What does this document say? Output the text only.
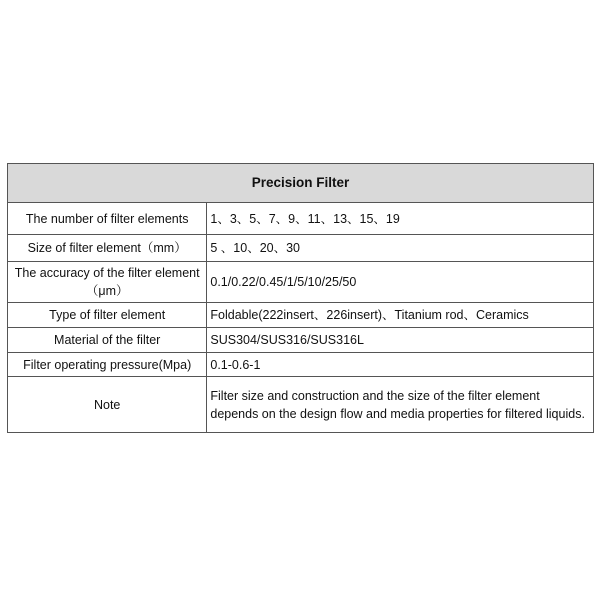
Precision Filter	
The number of filter elements	1、3、5、7、9、11、13、15、19
Size of filter element（mm）	5 、10、20、30
The accuracy of the filter element（μm）	0.1/0.22/0.45/1/5/10/25/50
Type of filter element	Foldable(222insert、226insert)、Titanium rod、Ceramics
Material of the filter	SUS304/SUS316/SUS316L
Filter operating pressure(Mpa)	0.1-0.6-1
Note	Filter size and construction and the size of the filter element depends on the design flow and media properties for filtered liquids.
